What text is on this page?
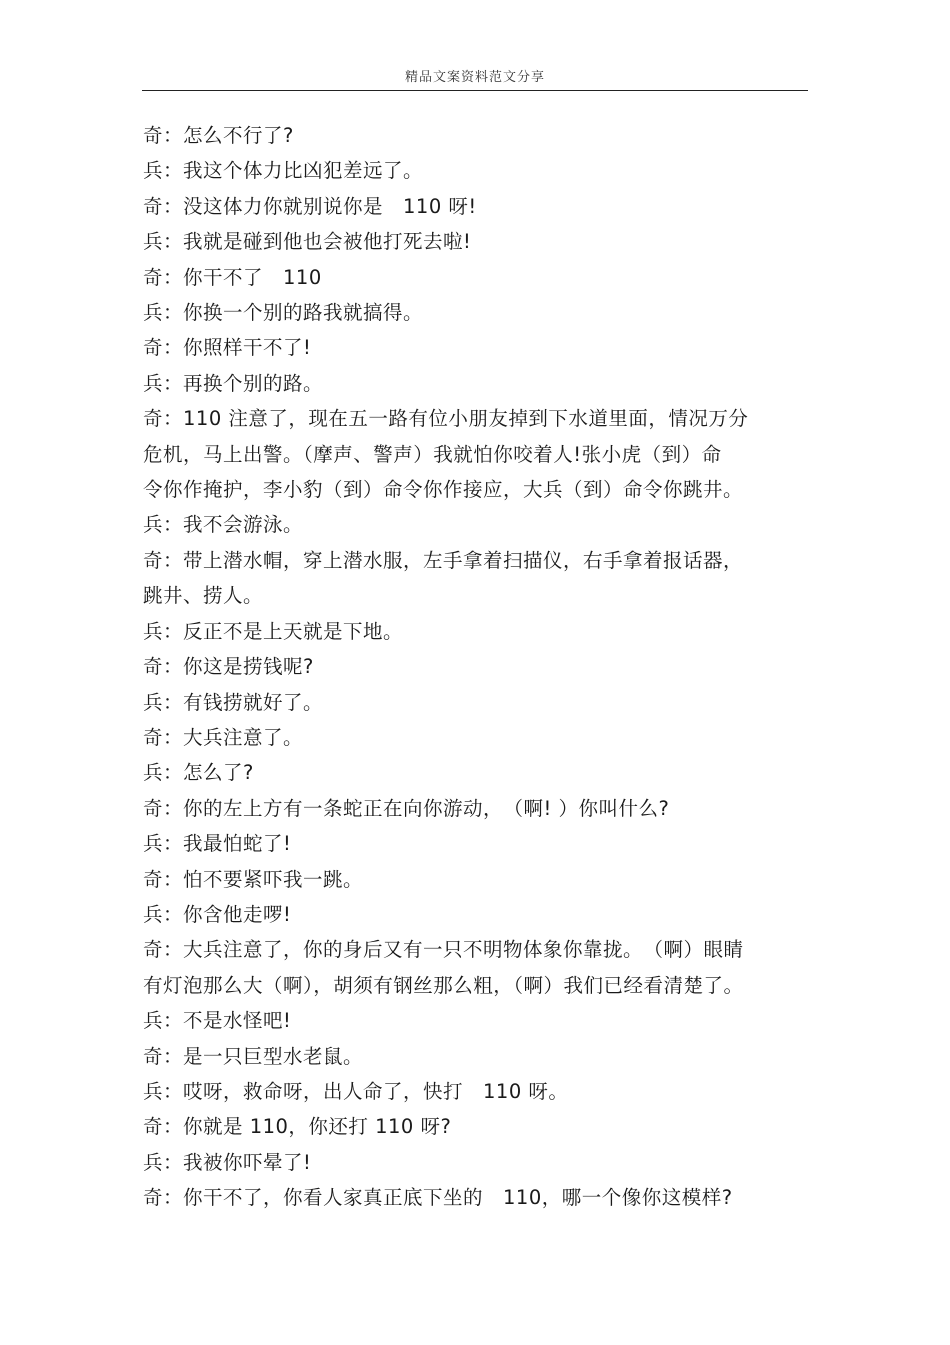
精品文案资料范文分享
奇：怎么不行了?
兵：我这个体力比凶犯差远了。
奇：没这体力你就别说你是　110 呀!
兵：我就是碰到他也会被他打死去啦!
奇：你干不了　110
兵：你换一个别的路我就搞得。
奇：你照样干不了!
兵：再换个别的路。
奇：110 注意了，现在五一路有位小朋友掉到下水道里面，情况万分
危机，马上出警。（摩声、警声）我就怕你咬着人!张小虎（到）命
令你作掩护，李小豹（到）命令你作接应，大兵（到）命令你跳井。
兵：我不会游泳。
奇：带上潜水帽，穿上潜水服，左手拿着扫描仪，右手拿着报话器，
跳井、捞人。
兵：反正不是上天就是下地。
奇：你这是捞钱呢?
兵：有钱捞就好了。
奇：大兵注意了。
兵：怎么了?
奇：你的左上方有一条蛇正在向你游动，　（啊! ）你叫什么?
兵：我最怕蛇了!
奇：怕不要紧吓我一跳。
兵：你含他走啰!
奇：大兵注意了，你的身后又有一只不明物体象你靠拢。　（啊）眼睛
有灯泡那么大（啊），胡须有钢丝那么粗，（啊）我们已经看清楚了。
兵：不是水怪吧!
奇：是一只巨型水老鼠。
兵：哎呀，救命呀，出人命了，快打　110 呀。
奇：你就是 110，你还打 110 呀?
兵：我被你吓晕了!
奇：你干不了，你看人家真正底下坐的　110，哪一个像你这模样?
